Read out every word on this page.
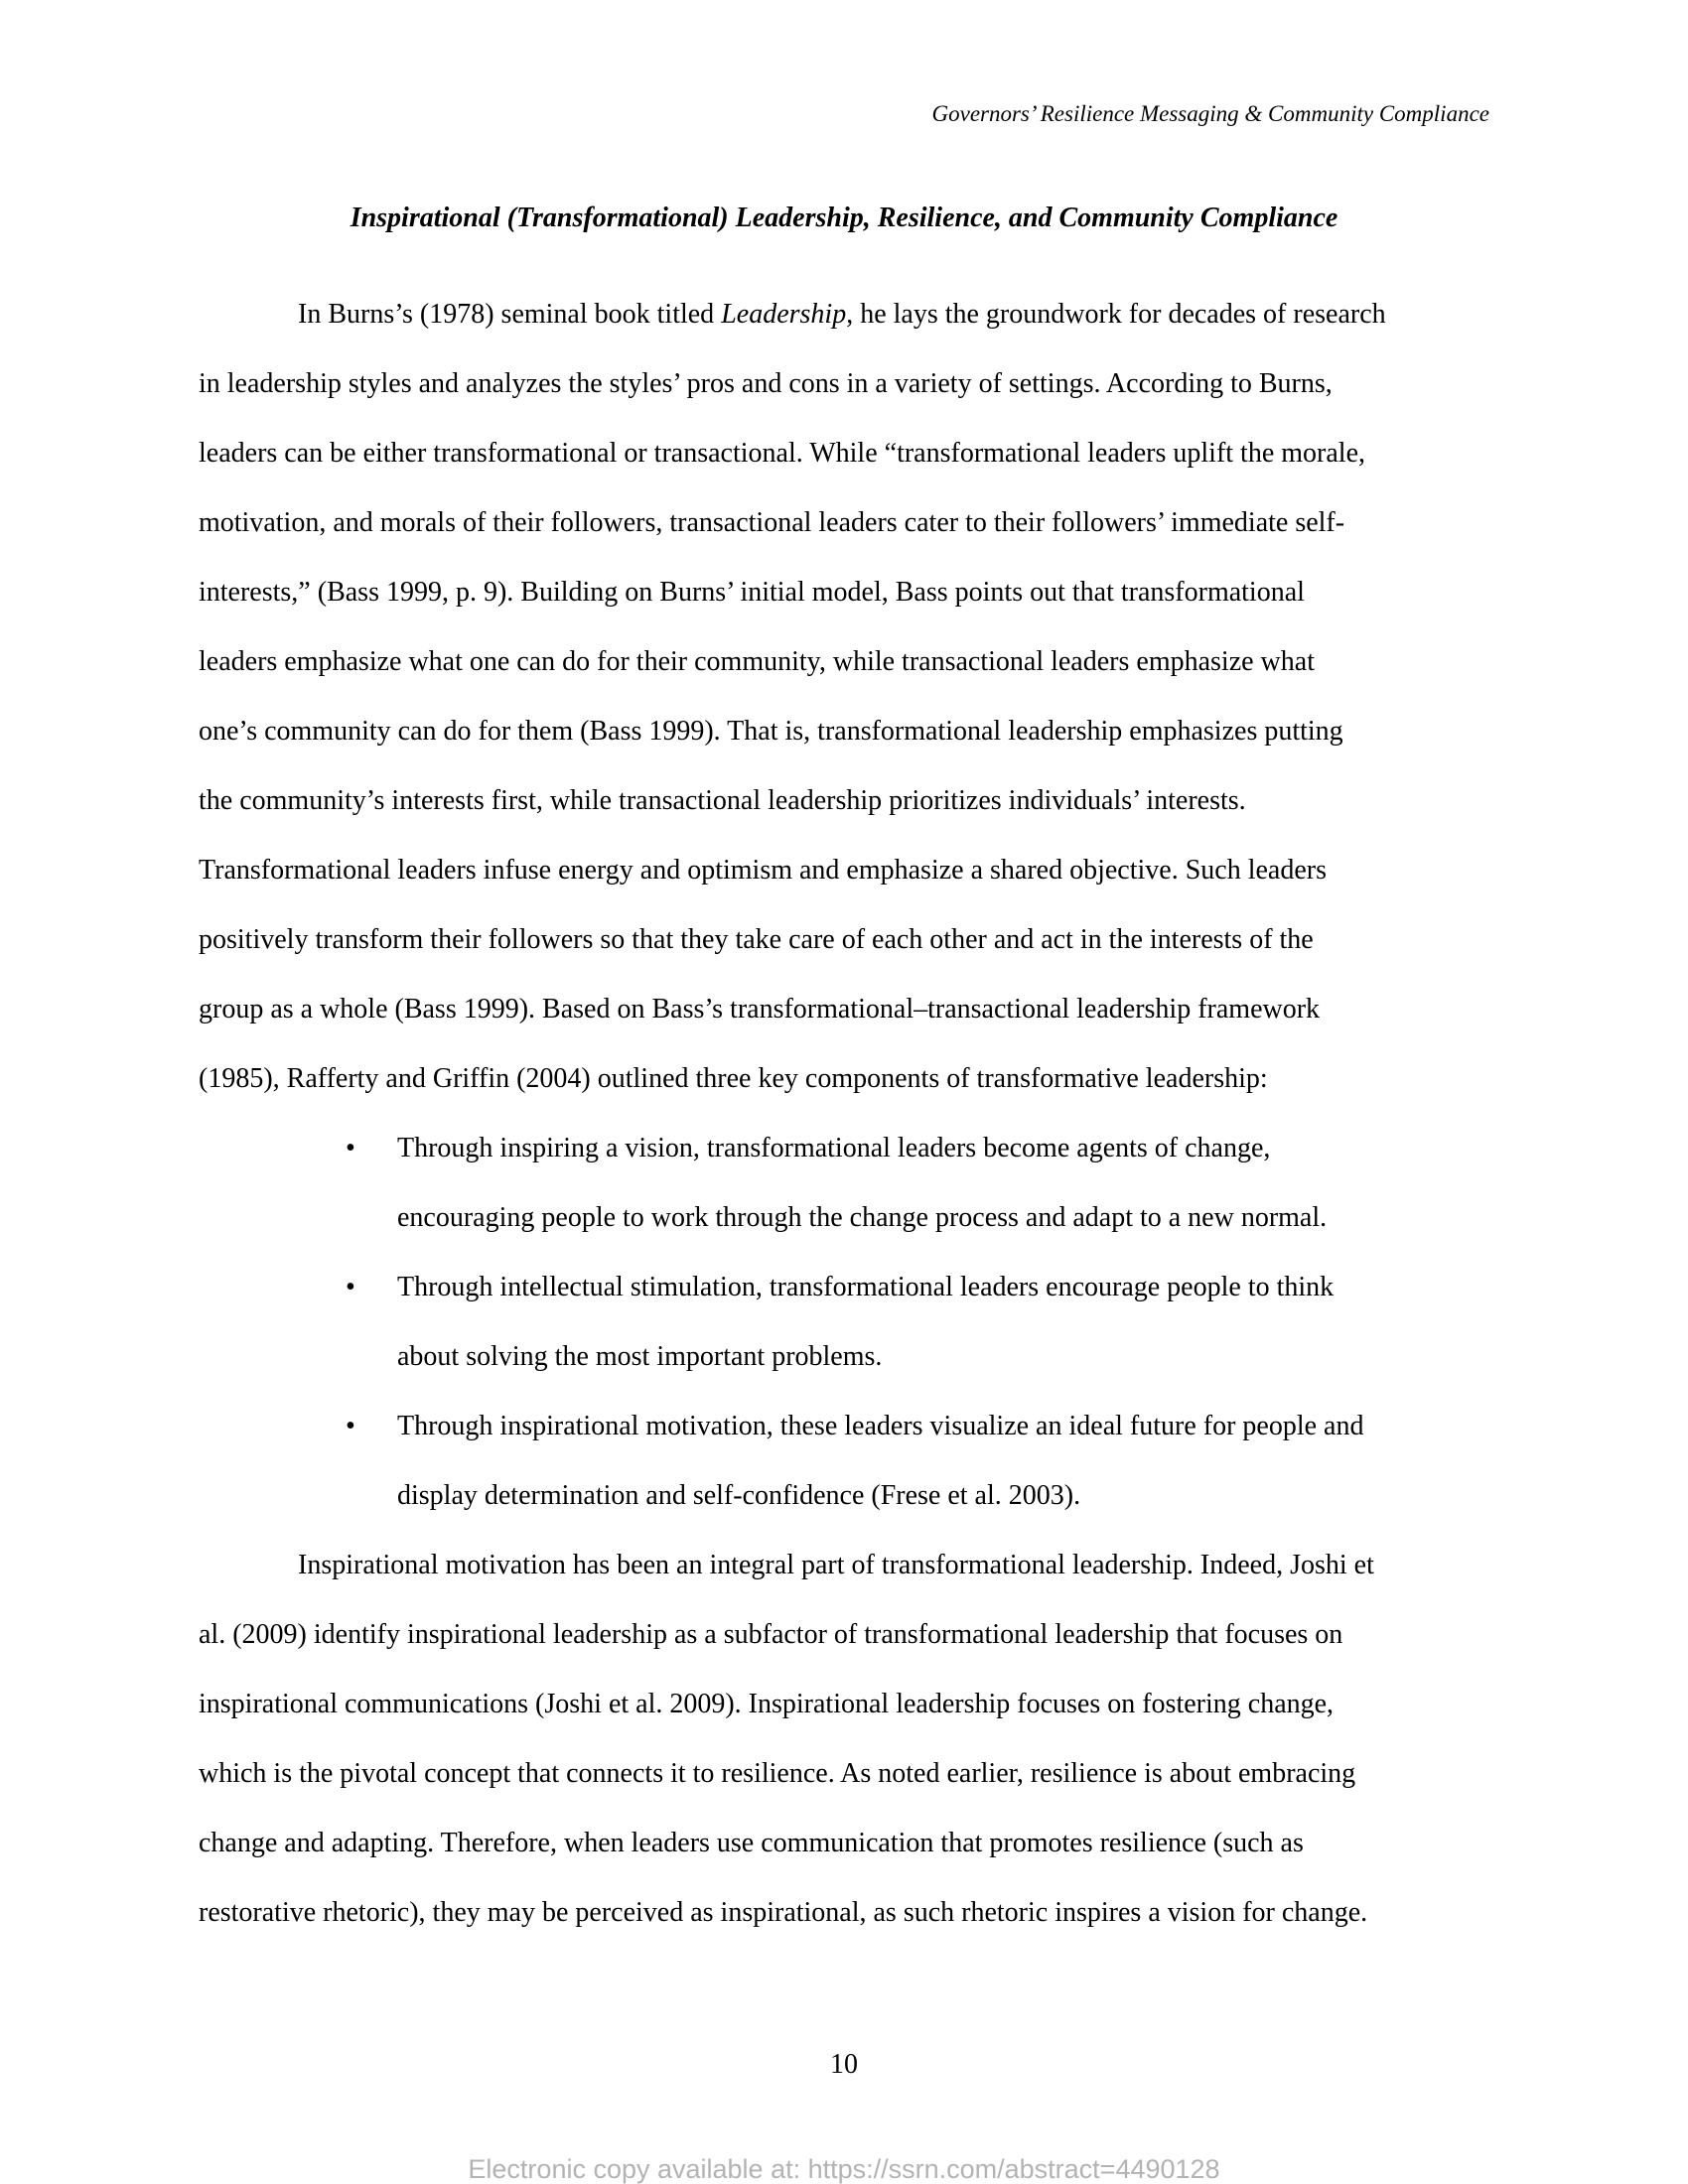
Governors’ Resilience Messaging & Community Compliance
Inspirational (Transformational) Leadership, Resilience, and Community Compliance
In Burns’s (1978) seminal book titled Leadership, he lays the groundwork for decades of research
in leadership styles and analyzes the styles’ pros and cons in a variety of settings. According to Burns,
leaders can be either transformational or transactional. While “transformational leaders uplift the morale,
motivation, and morals of their followers, transactional leaders cater to their followers’ immediate self-
interests,” (Bass 1999, p. 9). Building on Burns’ initial model, Bass points out that transformational
leaders emphasize what one can do for their community, while transactional leaders emphasize what
one’s community can do for them (Bass 1999). That is, transformational leadership emphasizes putting
the community’s interests first, while transactional leadership prioritizes individuals’ interests.
Transformational leaders infuse energy and optimism and emphasize a shared objective. Such leaders
positively transform their followers so that they take care of each other and act in the interests of the
group as a whole (Bass 1999). Based on Bass’s transformational–transactional leadership framework
(1985), Rafferty and Griffin (2004) outlined three key components of transformative leadership:
• Through inspiring a vision, transformational leaders become agents of change,
encouraging people to work through the change process and adapt to a new normal.
• Through intellectual stimulation, transformational leaders encourage people to think
about solving the most important problems.
• Through inspirational motivation, these leaders visualize an ideal future for people and
display determination and self-confidence (Frese et al. 2003).
Inspirational motivation has been an integral part of transformational leadership. Indeed, Joshi et
al. (2009) identify inspirational leadership as a subfactor of transformational leadership that focuses on
inspirational communications (Joshi et al. 2009). Inspirational leadership focuses on fostering change,
which is the pivotal concept that connects it to resilience. As noted earlier, resilience is about embracing
change and adapting. Therefore, when leaders use communication that promotes resilience (such as
restorative rhetoric), they may be perceived as inspirational, as such rhetoric inspires a vision for change.
10
Electronic copy available at: https://ssrn.com/abstract=4490128
